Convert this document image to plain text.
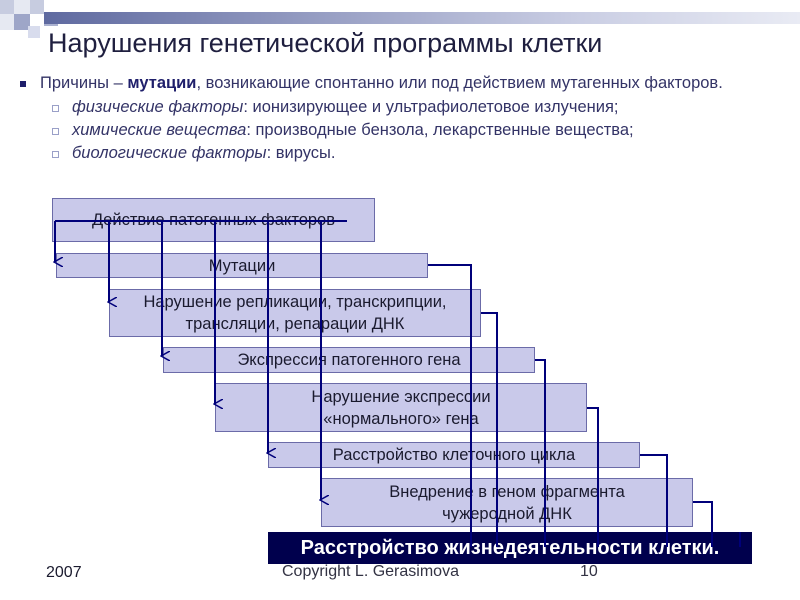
Нарушения генетической программы клетки
Причины – мутации, возникающие спонтанно или под действием мутагенных факторов.
физические факторы: ионизирующее и ультрафиолетовое излучения;
химические вещества: производные бензола, лекарственные вещества;
биологические факторы: вирусы.
Действие патогенных факторов
Мутации
Нарушение репликации, транскрипции,
трансляции, репарации ДНК
Экспрессия патогенного гена
Нарушение экспрессии
«нормального» гена
Расстройство клеточного цикла
Внедрение в геном фрагмента
чужеродной ДНК
Расстройство жизнедеятельности клетки.
2007	Copyright L. Gerasimova	10
